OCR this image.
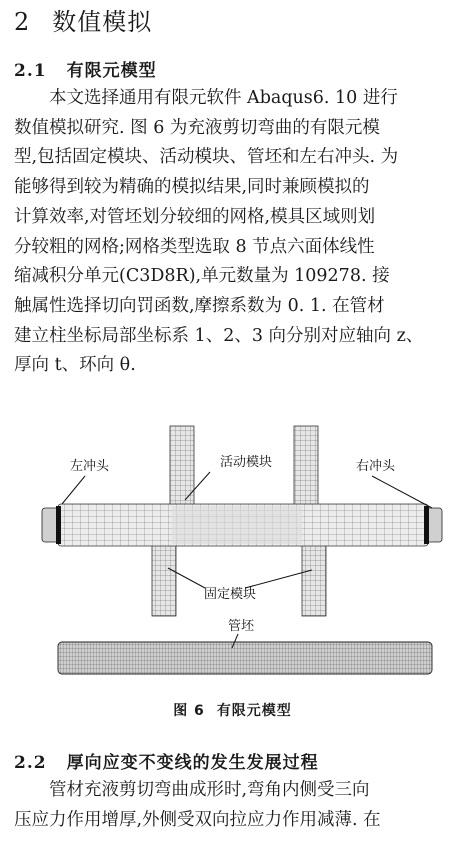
2 数值模拟
2.1 有限元模型

本文选择通用有限元软件 Abaqus6. 10 进行
数值模拟研究. 图 6 为充液剪切弯曲的有限元模
型,包括固定模块、活动模块、管坯和左右冲头. 为
能够得到较为精确的模拟结果,同时兼顾模拟的
计算效率,对管坯划分较细的网格,模具区域则划
分较粗的网格;网格类型选取 8 节点六面体线性
缩减积分单元(C3D8R),单元数量为 109278. 接
触属性选择切向罚函数,摩擦系数为 0. 1. 在管材
建立柱坐标局部坐标系 1、2、3 向分别对应轴向 z、
厚向 t、环向 θ.

左冲头	活动模块	右冲头
固定模块
管坯
图 6 有限元模型
2.2 厚向应变不变线的发生发展过程

管材充液剪切弯曲成形时,弯角内侧受三向
压应力作用增厚,外侧受双向拉应力作用减薄. 在
